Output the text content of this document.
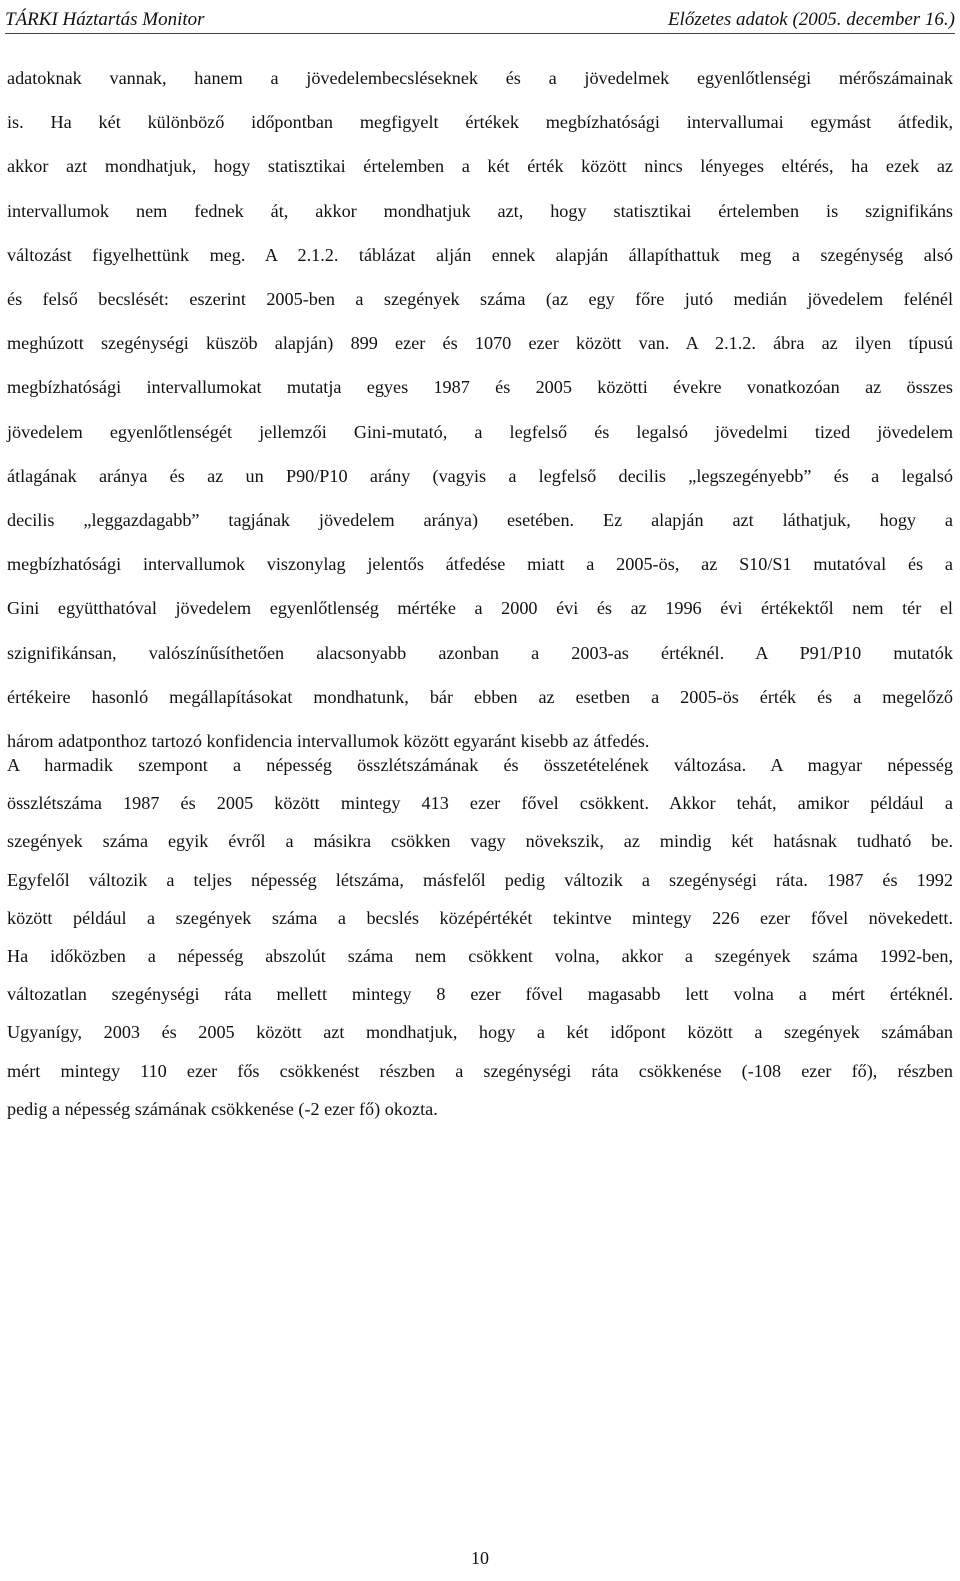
TÁRKI Háztartás Monitor	Előzetes adatok (2005. december 16.)
adatoknak vannak, hanem a jövedelembecsléseknek és a jövedelmek egyenlőtlenségi mérőszámainak
is. Ha két különböző időpontban megfigyelt értékek megbízhatósági intervallumai egymást átfedik,
akkor azt mondhatjuk, hogy statisztikai értelemben a két érték között nincs lényeges eltérés, ha ezek az
intervallumok nem fednek át, akkor mondhatjuk azt, hogy statisztikai értelemben is szignifikáns
változást figyelhettünk meg. A 2.1.2. táblázat alján ennek alapján állapíthattuk meg a szegénység alsó
és felső becslését: eszerint 2005-ben a szegények száma (az egy főre jutó medián jövedelem felénél
meghúzott szegénységi küszöb alapján) 899 ezer és 1070 ezer között van. A 2.1.2. ábra az ilyen típusú
megbízhatósági intervallumokat mutatja egyes 1987 és 2005 közötti évekre vonatkozóan az összes
jövedelem egyenlőtlenségét jellemzői Gini-mutató, a legfelső és legalsó jövedelmi tized jövedelem
átlagának aránya és az un P90/P10 arány (vagyis a legfelső decilis „legszegényebb” és a legalsó
decilis „leggazdagabb” tagjának jövedelem aránya) esetében. Ez alapján azt láthatjuk, hogy a
megbízhatósági intervallumok viszonylag jelentős átfedése miatt a 2005-ös, az S10/S1 mutatóval és a
Gini együtthatóval jövedelem egyenlőtlenség mértéke a 2000 évi és az 1996 évi értékektől nem tér el
szignifikánsan, valószínűsíthetően alacsonyabb azonban a 2003-as értéknél. A P91/P10 mutatók
értékeire hasonló megállapításokat mondhatunk, bár ebben az esetben a 2005-ös érték és a megelőző
három adatponthoz tartozó konfidencia intervallumok között egyaránt kisebb az átfedés.
A harmadik szempont a népesség összlétszámának és összetételének változása. A magyar népesség
összlétszáma 1987 és 2005 között mintegy 413 ezer fővel csökkent. Akkor tehát, amikor például a
szegények száma egyik évről a másikra csökken vagy növekszik, az mindig két hatásnak tudható be.
Egyfelől változik a teljes népesség létszáma, másfelől pedig változik a szegénységi ráta. 1987 és 1992
között például a szegények száma a becslés középértékét tekintve mintegy 226 ezer fővel növekedett.
Ha időközben a népesség abszolút száma nem csökkent volna, akkor a szegények száma 1992-ben,
változatlan szegénységi ráta mellett mintegy 8 ezer fővel magasabb lett volna a mért értéknél.
Ugyanígy, 2003 és 2005 között azt mondhatjuk, hogy a két időpont között a szegények számában
mért mintegy 110 ezer fős csökkenést részben a szegénységi ráta csökkenése (-108 ezer fő), részben
pedig a népesség számának csökkenése (-2 ezer fő) okozta.
10
